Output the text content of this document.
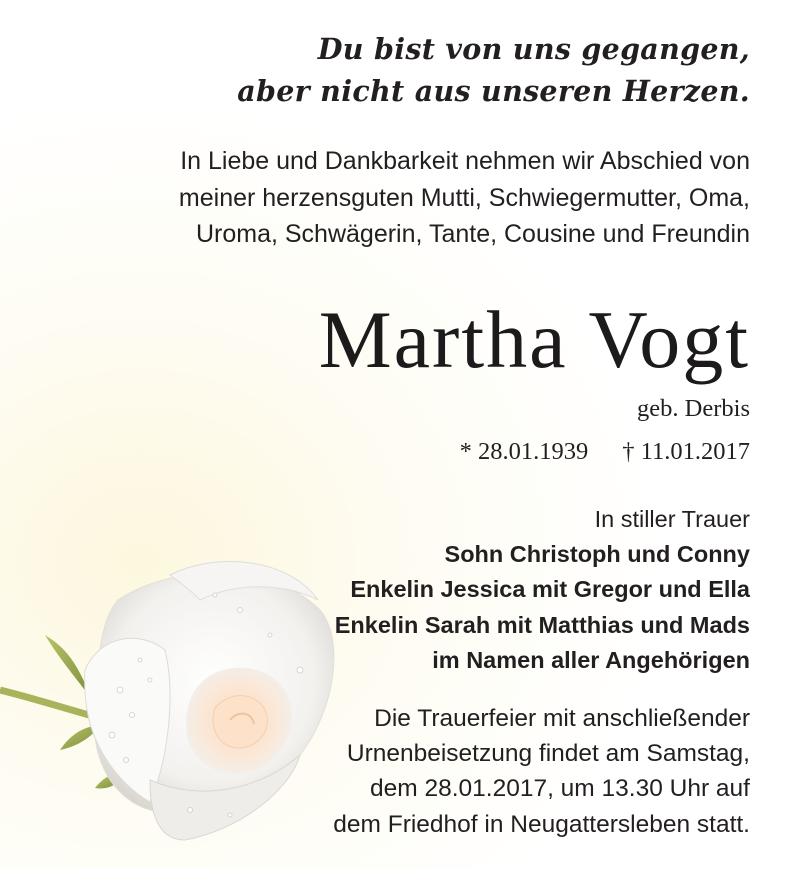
Du bist von uns gegangen,
aber nicht aus unseren Herzen.
In Liebe und Dankbarkeit nehmen wir Abschied von
meiner herzensguten Mutti, Schwiegermutter, Oma,
Uroma, Schwägerin, Tante, Cousine und Freundin
Martha Vogt
geb. Derbis
* 28.01.1939 † 11.01.2017
In stiller Trauer
Sohn Christoph und Conny
Enkelin Jessica mit Gregor und Ella
Enkelin Sarah mit Matthias und Mads
im Namen aller Angehörigen
Die Trauerfeier mit anschließender
Urnenbeisetzung findet am Samstag,
dem 28.01.2017, um 13.30 Uhr auf
dem Friedhof in Neugattersleben statt.
